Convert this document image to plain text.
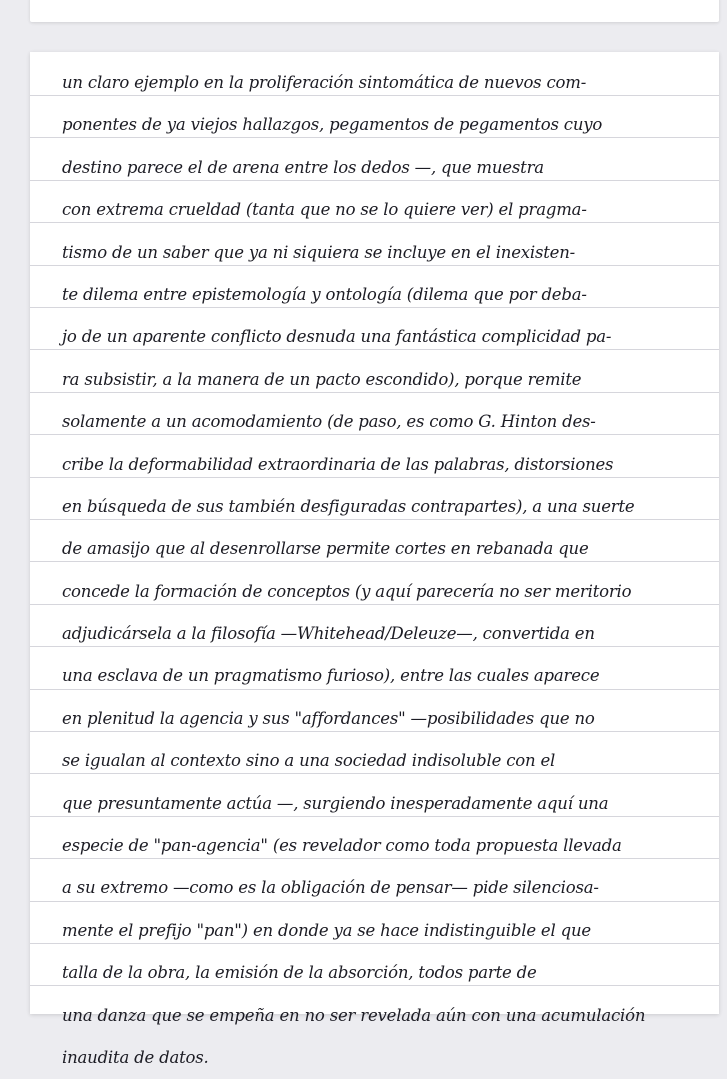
un claro ejemplo en la proliferación sintomática de nuevos com-
ponentes de ya viejos hallazgos, pegamentos de pegamentos cuyo
destino parece el de arena entre los dedos —, que muestra
con extrema crueldad (tanta que no se lo quiere ver) el pragma-
tismo de un saber que ya ni siquiera se incluye en el inexisten-
te dilema entre epistemología y ontología (dilema que por deba-
jo de un aparente conflicto desnuda una fantástica complicidad pa-
ra subsistir, a la manera de un pacto escondido), porque remite
solamente a un acomodamiento (de paso, es como G. Hinton des-
cribe la deformabilidad extraordinaria de las palabras, distorsiones
en búsqueda de sus también desfiguradas contrapartes), a una suerte
de amasijo que al desenrollarse permite cortes en rebanada que
concede la formación de conceptos (y aquí parecería no ser meritorio
adjudicársela a la filosofía —Whitehead/Deleuze—, convertida en
una esclava de un pragmatismo furioso), entre las cuales aparece
en plenitud la agencia y sus "affordances" —posibilidades que no
se igualan al contexto sino a una sociedad indisoluble con el
que presuntamente actúa —, surgiendo inesperadamente aquí una
especie de "pan-agencia" (es revelador como toda propuesta llevada
a su extremo —como es la obligación de pensar— pide silenciosa-
mente el prefijo "pan") en donde ya se hace indistinguible el que
talla de la obra, la emisión de la absorción, todos parte de
una danza que se empeña en no ser revelada aún con una acumulación
inaudita de datos.
